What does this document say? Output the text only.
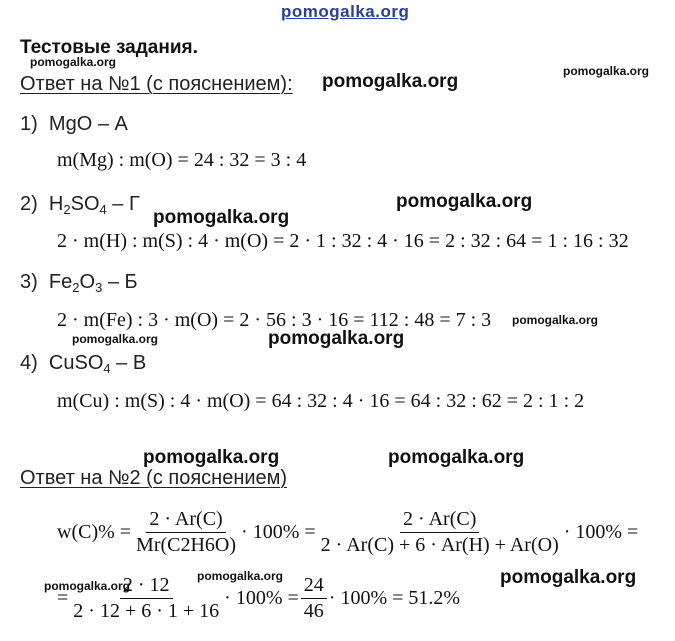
pomogalka.org
Тестовые задания.
pomogalka.org
pomogalka.org
pomogalka.org
pomogalka.org
pomogalka.org
pomogalka.org
pomogalka.org	pomogalka.org
pomogalka.org	pomogalka.org
pomogalka.org
pomogalka.org	pomogalka.org
Ответ на №1 (с пояснением):
1) MgO – А
m(Mg) : m(O) = 24 : 32 = 3 : 4
2) $H_2SO_4$ – Г
2 · m(H) : m(S) : 4 · m(O) = 2 · 1 : 32 : 4 · 16 = 2 : 32 : 64 = 1 : 16 : 32
3) $Fe_2O_3$ – Б
2 · m(Fe) : 3 · m(O) = 2 · 56 : 3 · 16 = 112 : 48 = 7 : 3
4) CuSO$_4$ – В
m(Cu) : m(S) : 4 · m(O) = 64 : 32 : 4 · 16 = 64 : 32 : 62 = 2 : 1 : 2
Ответ на №2 (с пояснением)
$w(C)\% = \frac{2 \cdot Ar(C)}{Mr(C2H6O)} \cdot 100\% = \frac{2 \cdot Ar(C)}{2 \cdot Ar(C) + 6 \cdot Ar(H) + Ar(O)} \cdot 100\%$ =
= $\frac{2 \cdot 12}{2 \cdot 12 + 6 \cdot 1 + 16} \cdot 100\% = \frac{24}{46} \cdot 100\% = 51.2\%$
